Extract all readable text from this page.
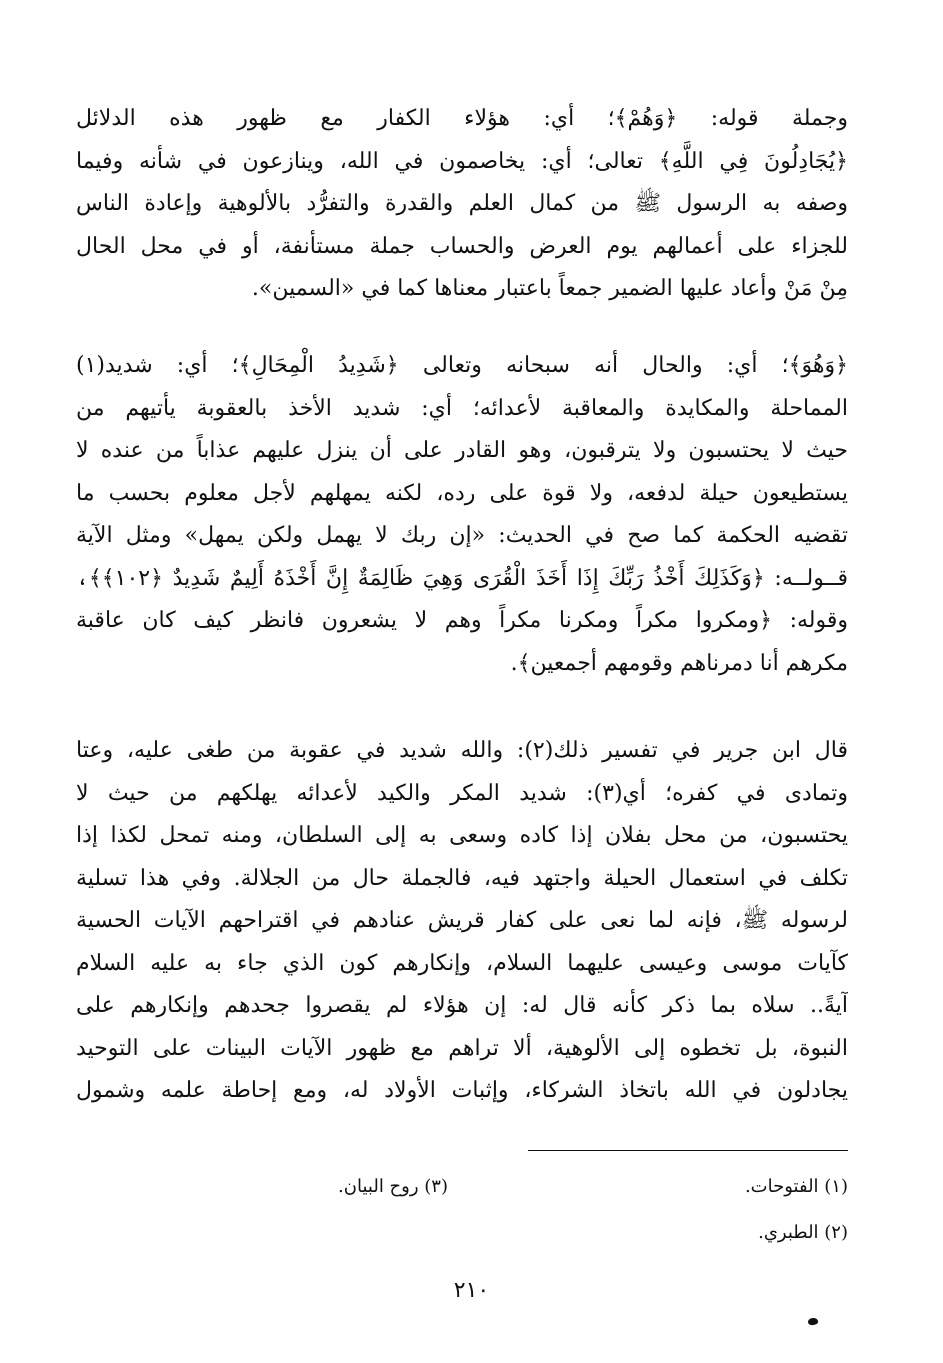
وجملة قوله: ﴿وَهُمْ﴾؛ أي: هؤلاء الكفار مع ظهور هذه الدلائل
﴿يُجَادِلُونَ فِي اللَّهِ﴾ تعالى؛ أي: يخاصمون في الله، وينازعون في شأنه وفيما
وصفه به الرسول ﷺ من كمال العلم والقدرة والتفرُّد بالألوهية وإعادة الناس
للجزاء على أعمالهم يوم العرض والحساب جملة مستأنفة، أو في محل الحال
مِنْ مَنْ وأعاد عليها الضمير جمعاً باعتبار معناها كما في «السمين».
﴿وَهُوَ﴾؛ أي: والحال أنه سبحانه وتعالى ﴿شَدِيدُ الْمِحَالِ﴾؛ أي: شديد(١)
المماحلة والمكايدة والمعاقبة لأعدائه؛ أي: شديد الأخذ بالعقوبة يأتيهم من
حيث لا يحتسبون ولا يترقبون، وهو القادر على أن ينزل عليهم عذاباً من عنده لا
يستطيعون حيلة لدفعه، ولا قوة على رده، لكنه يمهلهم لأجل معلوم بحسب ما
تقضيه الحكمة كما صح في الحديث: «إن ربك لا يهمل ولكن يمهل» ومثل الآية
قــولــه: ﴿وَكَذَلِكَ أَخْذُ رَبِّكَ إِذَا أَخَذَ الْقُرَى وَهِيَ ظَالِمَةٌ إِنَّ أَخْذَهُ أَلِيمٌ شَدِيدٌ ﴿١٠٢﴾﴾،
وقوله: ﴿ومكروا مكراً ومكرنا مكراً وهم لا يشعرون فانظر كيف كان عاقبة
مكرهم أنا دمرناهم وقومهم أجمعين﴾.
قال ابن جرير في تفسير ذلك(٢): والله شديد في عقوبة من طغى عليه، وعتا
وتمادى في كفره؛ أي(٣): شديد المكر والكيد لأعدائه يهلكهم من حيث لا
يحتسبون، من محل بفلان إذا كاده وسعى به إلى السلطان، ومنه تمحل لكذا إذا
تكلف في استعمال الحيلة واجتهد فيه، فالجملة حال من الجلالة. وفي هذا تسلية
لرسوله ﷺ، فإنه لما نعى على كفار قريش عنادهم في اقتراحهم الآيات الحسية
كآيات موسى وعيسى عليهما السلام، وإنكارهم كون الذي جاء به عليه السلام
آيةً.. سلاه بما ذكر كأنه قال له: إن هؤلاء لم يقصروا جحدهم وإنكارهم على
النبوة، بل تخطوه إلى الألوهية، ألا تراهم مع ظهور الآيات البينات على التوحيد
يجادلون في الله باتخاذ الشركاء، وإثبات الأولاد له، ومع إحاطة علمه وشمول
(١) الفتوحات.
(٣) روح البيان.
(٢) الطبري.
٢١٠
